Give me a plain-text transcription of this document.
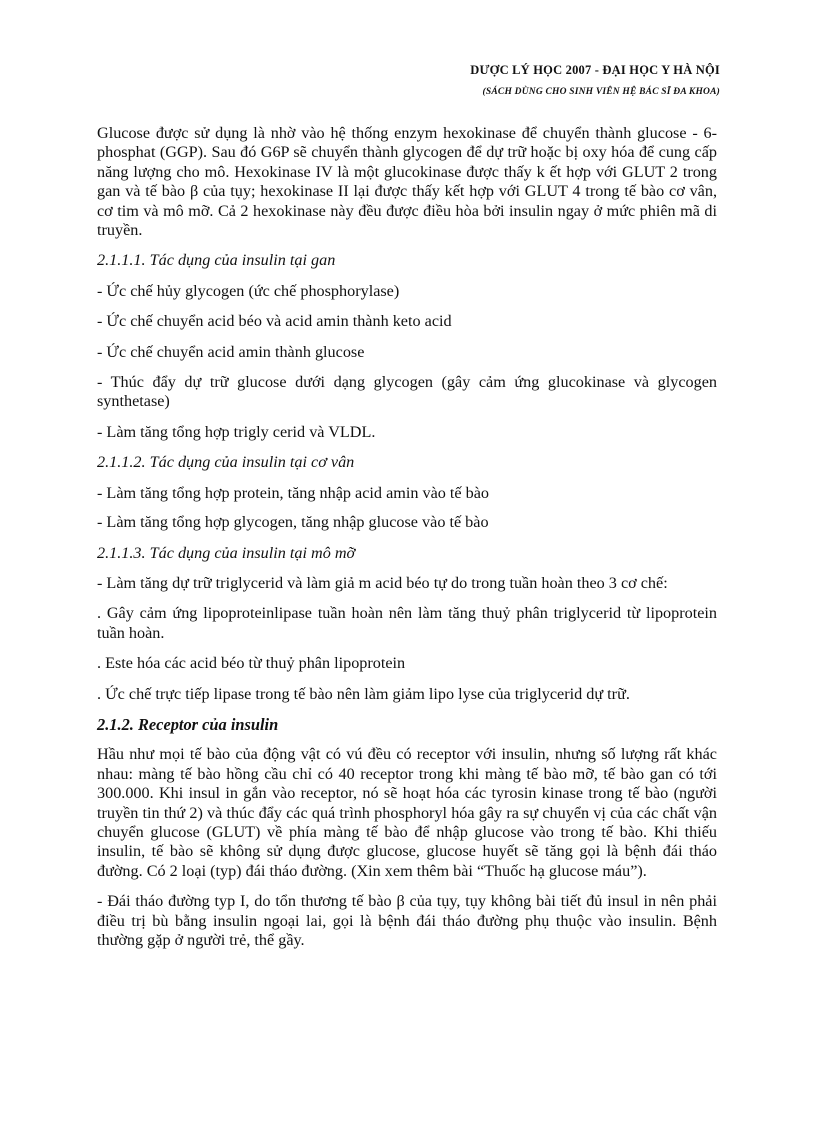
DƯỢC LÝ HỌC 2007 - ĐẠI HỌC Y HÀ NỘI
(SÁCH DÙNG CHO SINH VIÊN HỆ BÁC SĨ ĐA KHOA)

Glucose được sử dụng là nhờ vào hệ thống enzym hexokinase để chuyển thành glucose - 6- phosphat (GGP). Sau đó G6P sẽ chuyển thành glycogen để dự trữ hoặc bị oxy hóa để cung cấp năng lượng cho mô. Hexokinase IV là một glucokinase được thấy k ết hợp với GLUT 2 trong gan và tế bào β của tụy; hexokinase II lại được thấy kết hợp với GLUT 4 trong tế bào cơ vân, cơ tim và mô mỡ. Cả 2 hexokinase này đều được điều hòa bởi insulin ngay ở mức phiên mã di truyền.

2.1.1.1. Tác dụng của insulin tại gan

- Ức chế hủy glycogen (ức chế phosphorylase)

- Ức chế chuyển acid béo và acid amin thành keto acid

- Ức chế chuyển acid amin thành glucose

- Thúc đẩy dự trữ glucose dưới dạng glycogen (gây cảm ứng glucokinase và glycogen synthetase)

- Làm tăng tổng hợp trigly cerid và VLDL.

2.1.1.2. Tác dụng của insulin tại cơ vân

- Làm tăng tổng hợp protein, tăng nhập acid amin vào tế bào

- Làm tăng tổng hợp glycogen, tăng nhập glucose vào tế bào

2.1.1.3. Tác dụng của insulin tại mô mỡ

- Làm tăng dự trữ triglycerid và làm giả m acid béo tự do trong tuần hoàn theo 3 cơ chế:

. Gây cảm ứng lipoproteinlipase tuần hoàn nên làm tăng thuỷ phân triglycerid từ lipoprotein tuần hoàn.

. Este hóa các acid béo từ thuỷ phân lipoprotein

. Ức chế trực tiếp lipase trong tế bào nên làm giảm lipo lyse của triglycerid dự trữ.

2.1.2. Receptor của insulin

Hầu như mọi tế bào của động vật có vú đều có receptor với insulin, nhưng số lượng rất khác nhau: màng tế bào hồng cầu chỉ có 40 receptor trong khi màng tế bào mỡ, tế bào gan có tới 300.000. Khi insul in gắn vào receptor, nó sẽ hoạt hóa các tyrosin kinase trong tế bào (người truyền tin thứ 2) và thúc đẩy các quá trình phosphoryl hóa gây ra sự chuyển vị của các chất vận chuyển glucose (GLUT) về phía màng tế bào để nhập glucose vào trong tế bào. Khi thiếu insulin, tế bào sẽ không sử dụng được glucose, glucose huyết sẽ tăng gọi là bệnh đái tháo đường. Có 2 loại (typ) đái tháo đường. (Xin xem thêm bài “Thuốc hạ glucose máu”).

- Đái tháo đường typ I, do tổn thương tế bào β của tụy, tụy không bài tiết đủ insul in nên phải điều trị bù bằng insulin ngoại lai, gọi là bệnh đái tháo đường phụ thuộc vào insulin. Bệnh thường gặp ở người trẻ, thể gầy.
